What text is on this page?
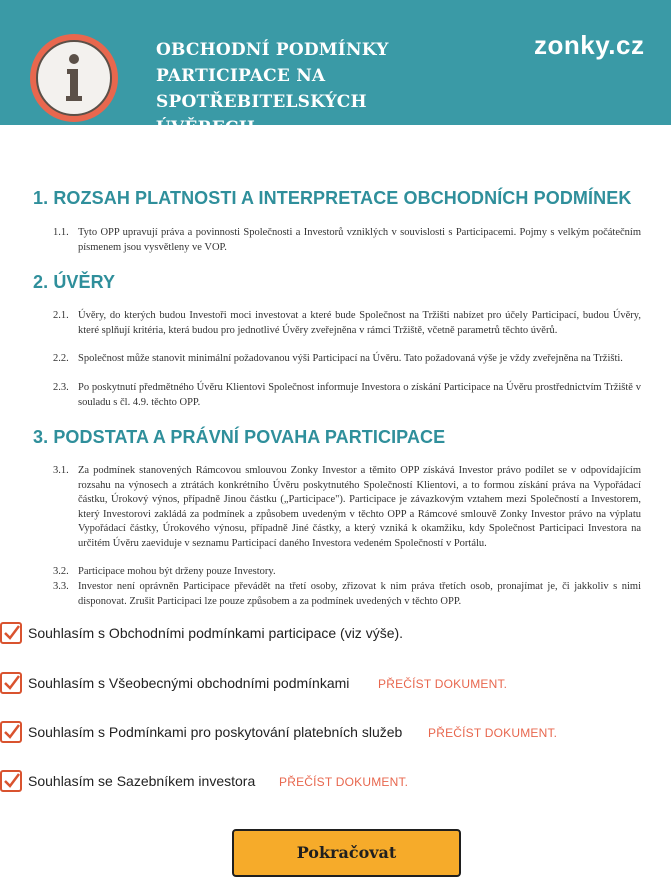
OBCHODNÍ PODMÍNKY
PARTICIPACE NA
SPOTŘEBITELSKÝCH
ÚVĚRECH
zonky.cz
1. ROZSAH PLATNOSTI A INTERPRETACE OBCHODNÍCH PODMÍNEK
1.1. Tyto OPP upravují práva a povinnosti Společnosti a Investorů vzniklých v souvislosti s Participacemi. Pojmy s velkým počátečním písmenem jsou vysvětleny ve VOP.
2. ÚVĚRY
2.1. Úvěry, do kterých budou Investoři moci investovat a které bude Společnost na Tržišti nabízet pro účely Participací, budou Úvěry, které splňují kritéria, která budou pro jednotlivé Úvěry zveřejněna v rámci Tržiště, včetně parametrů těchto úvěrů.
2.2. Společnost může stanovit minimální požadovanou výši Participací na Úvěru. Tato požadovaná výše je vždy zveřejněna na Tržišti.
2.3. Po poskytnutí předmětného Úvěru Klientovi Společnost informuje Investora o získání Participace na Úvěru prostřednictvím Tržiště v souladu s čl. 4.9. těchto OPP.
3. PODSTATA A PRÁVNÍ POVAHA PARTICIPACE
3.1. Za podmínek stanovených Rámcovou smlouvou Zonky Investor a těmito OPP získává Investor právo podílet se v odpovídajícím rozsahu na výnosech a ztrátách konkrétního Úvěru poskytnutého Společností Klientovi, a to formou získání práva na Vypořádací částku, Úrokový výnos, případně Jinou částku („Participace"). Participace je závazkovým vztahem mezi Společností a Investorem, který Investorovi zakládá za podmínek a způsobem uvedeným v těchto OPP a Rámcové smlouvě Zonky Investor právo na výplatu Vypořádací částky, Úrokového výnosu, případně Jiné částky, a který vzniká k okamžiku, kdy Společnost Participaci Investora na určitém Úvěru zaeviduje v seznamu Participací daného Investora vedeném Společností v Portálu.
3.2. Participace mohou být drženy pouze Investory.
3.3. Investor není oprávněn Participace převádět na třetí osoby, zřizovat k nim práva třetích osob, pronajímat je, či jakkoliv s nimi disponovat. Zrušit Participaci lze pouze způsobem a za podmínek uvedených v těchto OPP.
Souhlasím s Obchodními podmínkami participace (viz výše).
Souhlasím s Všeobecnými obchodními podmínkami PŘEČÍST DOKUMENT.
Souhlasím s Podmínkami pro poskytování platebních služeb PŘEČÍST DOKUMENT.
Souhlasím se Sazebníkem investora PŘEČÍST DOKUMENT.
Pokračovat
